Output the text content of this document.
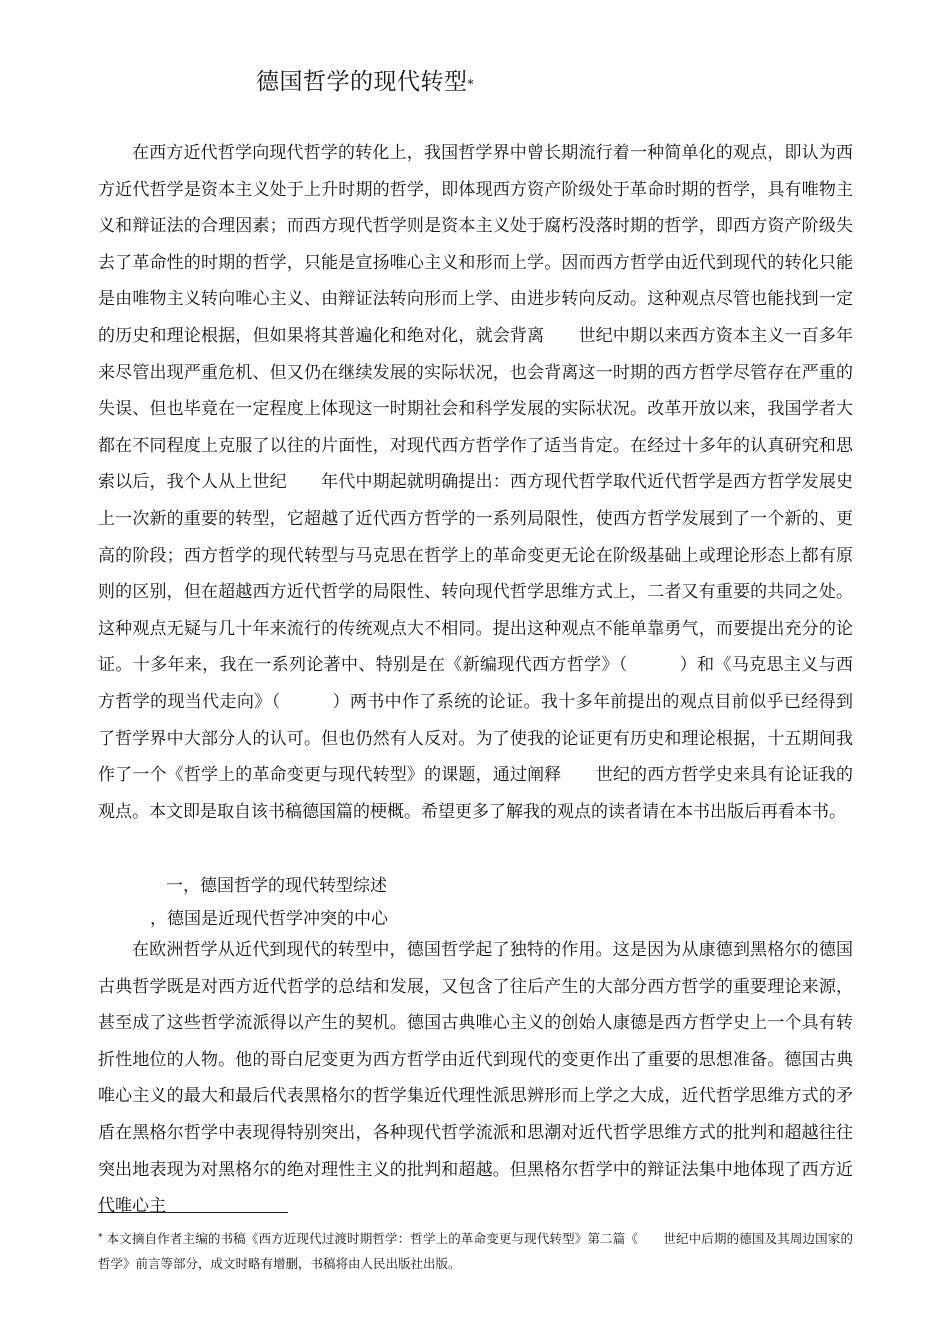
德国哲学的现代转型*

在西方近代哲学向现代哲学的转化上，我国哲学界中曾长期流行着一种简单化的观点，即认为西方近代哲学是资本主义处于上升时期的哲学，即体现西方资产阶级处于革命时期的哲学，具有唯物主义和辩证法的合理因素；而西方现代哲学则是资本主义处于腐朽没落时期的哲学，即西方资产阶级失去了革命性的时期的哲学，只能是宣扬唯心主义和形而上学。因而西方哲学由近代到现代的转化只能是由唯物主义转向唯心主义、由辩证法转向形而上学、由进步转向反动。这种观点尽管也能找到一定的历史和理论根据，但如果将其普遍化和绝对化，就会背离　　世纪中期以来西方资本主义一百多年来尽管出现严重危机、但又仍在继续发展的实际状况，也会背离这一时期的西方哲学尽管存在严重的失误、但也毕竟在一定程度上体现这一时期社会和科学发展的实际状况。改革开放以来，我国学者大都在不同程度上克服了以往的片面性，对现代西方哲学作了适当肯定。在经过十多年的认真研究和思索以后，我个人从上世纪　　年代中期起就明确提出：西方现代哲学取代近代哲学是西方哲学发展史上一次新的重要的转型，它超越了近代西方哲学的一系列局限性，使西方哲学发展到了一个新的、更高的阶段；西方哲学的现代转型与马克思在哲学上的革命变更无论在阶级基础上或理论形态上都有原则的区别，但在超越西方近代哲学的局限性、转向现代哲学思维方式上，二者又有重要的共同之处。这种观点无疑与几十年来流行的传统观点大不相同。提出这种观点不能单靠勇气，而要提出充分的论证。十多年来，我在一系列论著中、特别是在《新编现代西方哲学》（　　　）和《马克思主义与西方哲学的现当代走向》（　　　）两书中作了系统的论证。我十多年前提出的观点目前似乎已经得到了哲学界中大部分人的认可。但也仍然有人反对。为了使我的论证更有历史和理论根据，十五期间我作了一个《哲学上的革命变更与现代转型》的课题，通过阐释　　世纪的西方哲学史来具有论证我的观点。本文即是取自该书稿德国篇的梗概。希望更多了解我的观点的读者请在本书出版后再看本书。

一，德国哲学的现代转型综述
，德国是近现代哲学冲突的中心

在欧洲哲学从近代到现代的转型中，德国哲学起了独特的作用。这是因为从康德到黑格尔的德国古典哲学既是对西方近代哲学的总结和发展，又包含了往后产生的大部分西方哲学的重要理论来源，甚至成了这些哲学流派得以产生的契机。德国古典唯心主义的创始人康德是西方哲学史上一个具有转折性地位的人物。他的哥白尼变更为西方哲学由近代到现代的变更作出了重要的思想准备。德国古典唯心主义的最大和最后代表黑格尔的哲学集近代理性派思辨形而上学之大成，近代哲学思维方式的矛盾在黑格尔哲学中表现得特别突出，各种现代哲学流派和思潮对近代哲学思维方式的批判和超越往往突出地表现为对黑格尔的绝对理性主义的批判和超越。但黑格尔哲学中的辩证法集中地体现了西方近代唯心主

* 本文摘自作者主编的书稿《西方近现代过渡时期哲学：哲学上的革命变更与现代转型》第二篇《　　世纪中后期的德国及其周边国家的哲学》前言等部分，成文时略有增删，书稿将由人民出版社出版。
